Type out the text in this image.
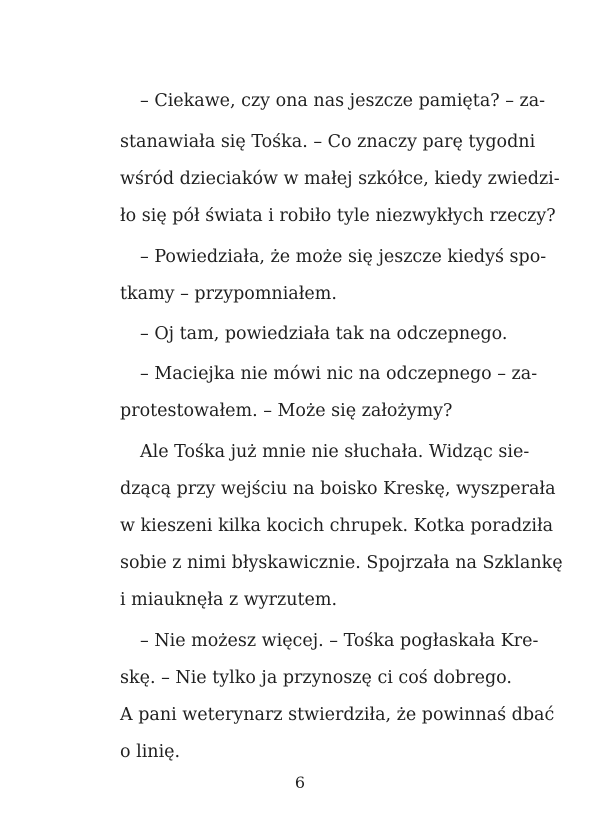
– Ciekawe, czy ona nas jeszcze pamięta? – za-
stanawiała się Tośka. – Co znaczy parę tygodni
wśród dzieciaków w małej szkółce, kiedy zwiedzi-
ło się pół świata i robiło tyle niezwykłych rzeczy?
– Powiedziała, że może się jeszcze kiedyś spo-
tkamy – przypomniałem.
– Oj tam, powiedziała tak na odczepnego.
– Maciejka nie mówi nic na odczepnego – za-
protestowałem. – Może się założymy?
Ale Tośka już mnie nie słuchała. Widząc sie-
dzącą przy wejściu na boisko Kreskę, wyszperała
w kieszeni kilka kocich chrupek. Kotka poradziła
sobie z nimi błyskawicznie. Spojrzała na Szklankę
i miauknęła z wyrzutem.
– Nie możesz więcej. – Tośka pogłaskała Kre-
skę. – Nie tylko ja przynoszę ci coś dobrego.
A pani weterynarz stwierdziła, że powinnaś dbać
o linię.
6
